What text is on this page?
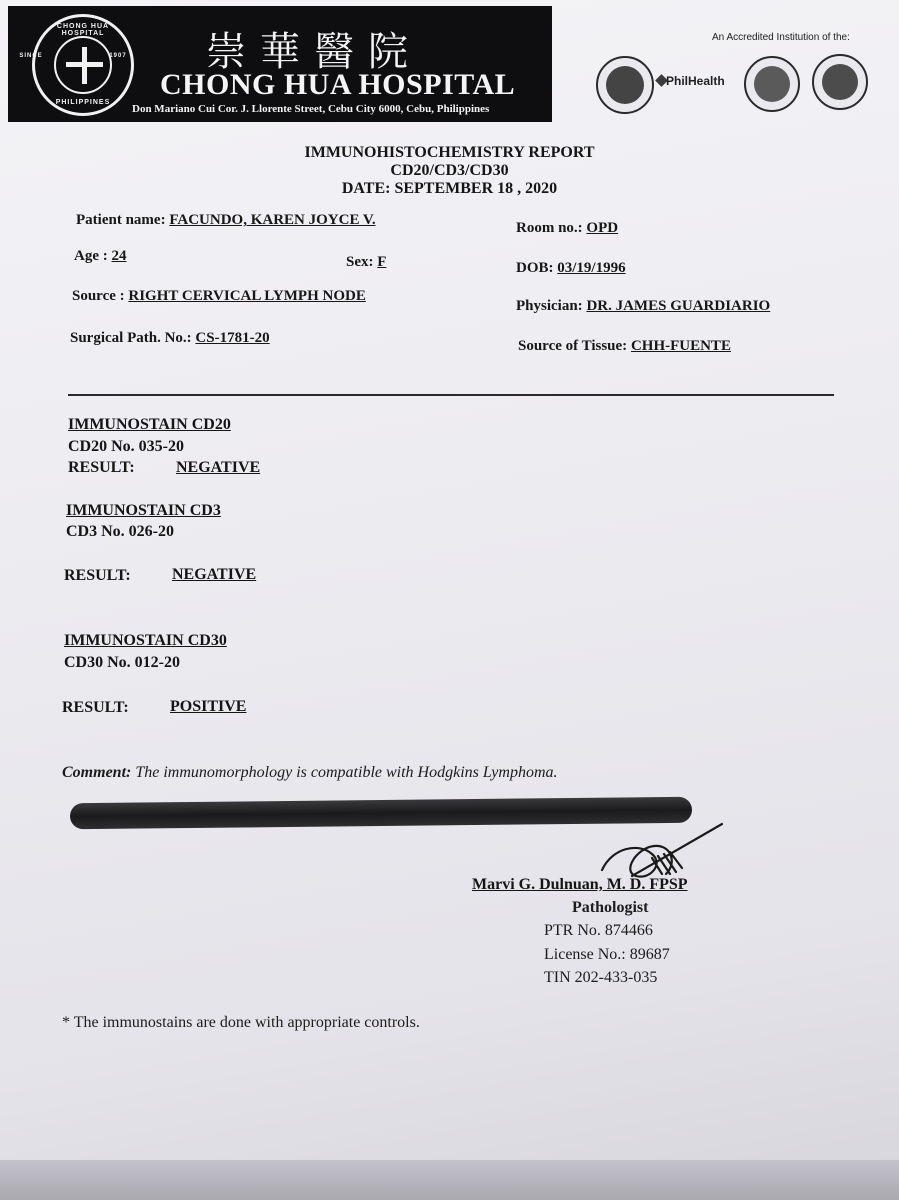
CHONG HUA HOSPITAL
SINCE	1907
PHILIPPINES
崇華醫院
CHONG HUA HOSPITAL
Don Mariano Cui Cor. J. Llorente Street, Cebu City 6000, Cebu, Philippines
An Accredited Institution of the:
PhilHealth
IMMUNOHISTOCHEMISTRY REPORT
CD20/CD3/CD30
DATE: SEPTEMBER 18 , 2020
Patient name: FACUNDO, KAREN JOYCE V.	Room no.: OPD
Age : 24	Sex: F	DOB: 03/19/1996
Source : RIGHT CERVICAL LYMPH NODE
Physician: DR. JAMES GUARDIARIO
Surgical Path. No.: CS-1781-20	Source of Tissue: CHH-FUENTE
IMMUNOSTAIN CD20
CD20 No. 035-20
RESULT:	NEGATIVE
IMMUNOSTAIN CD3
CD3 No. 026-20
RESULT:	NEGATIVE
IMMUNOSTAIN CD30
CD30 No. 012-20
RESULT:	POSITIVE
Comment: The immunomorphology is compatible with Hodgkins Lymphoma.
Marvi G. Dulnuan, M. D. FPSP
Pathologist
PTR No. 874466
License No.: 89687
TIN 202-433-035
* The immunostains are done with appropriate controls.
